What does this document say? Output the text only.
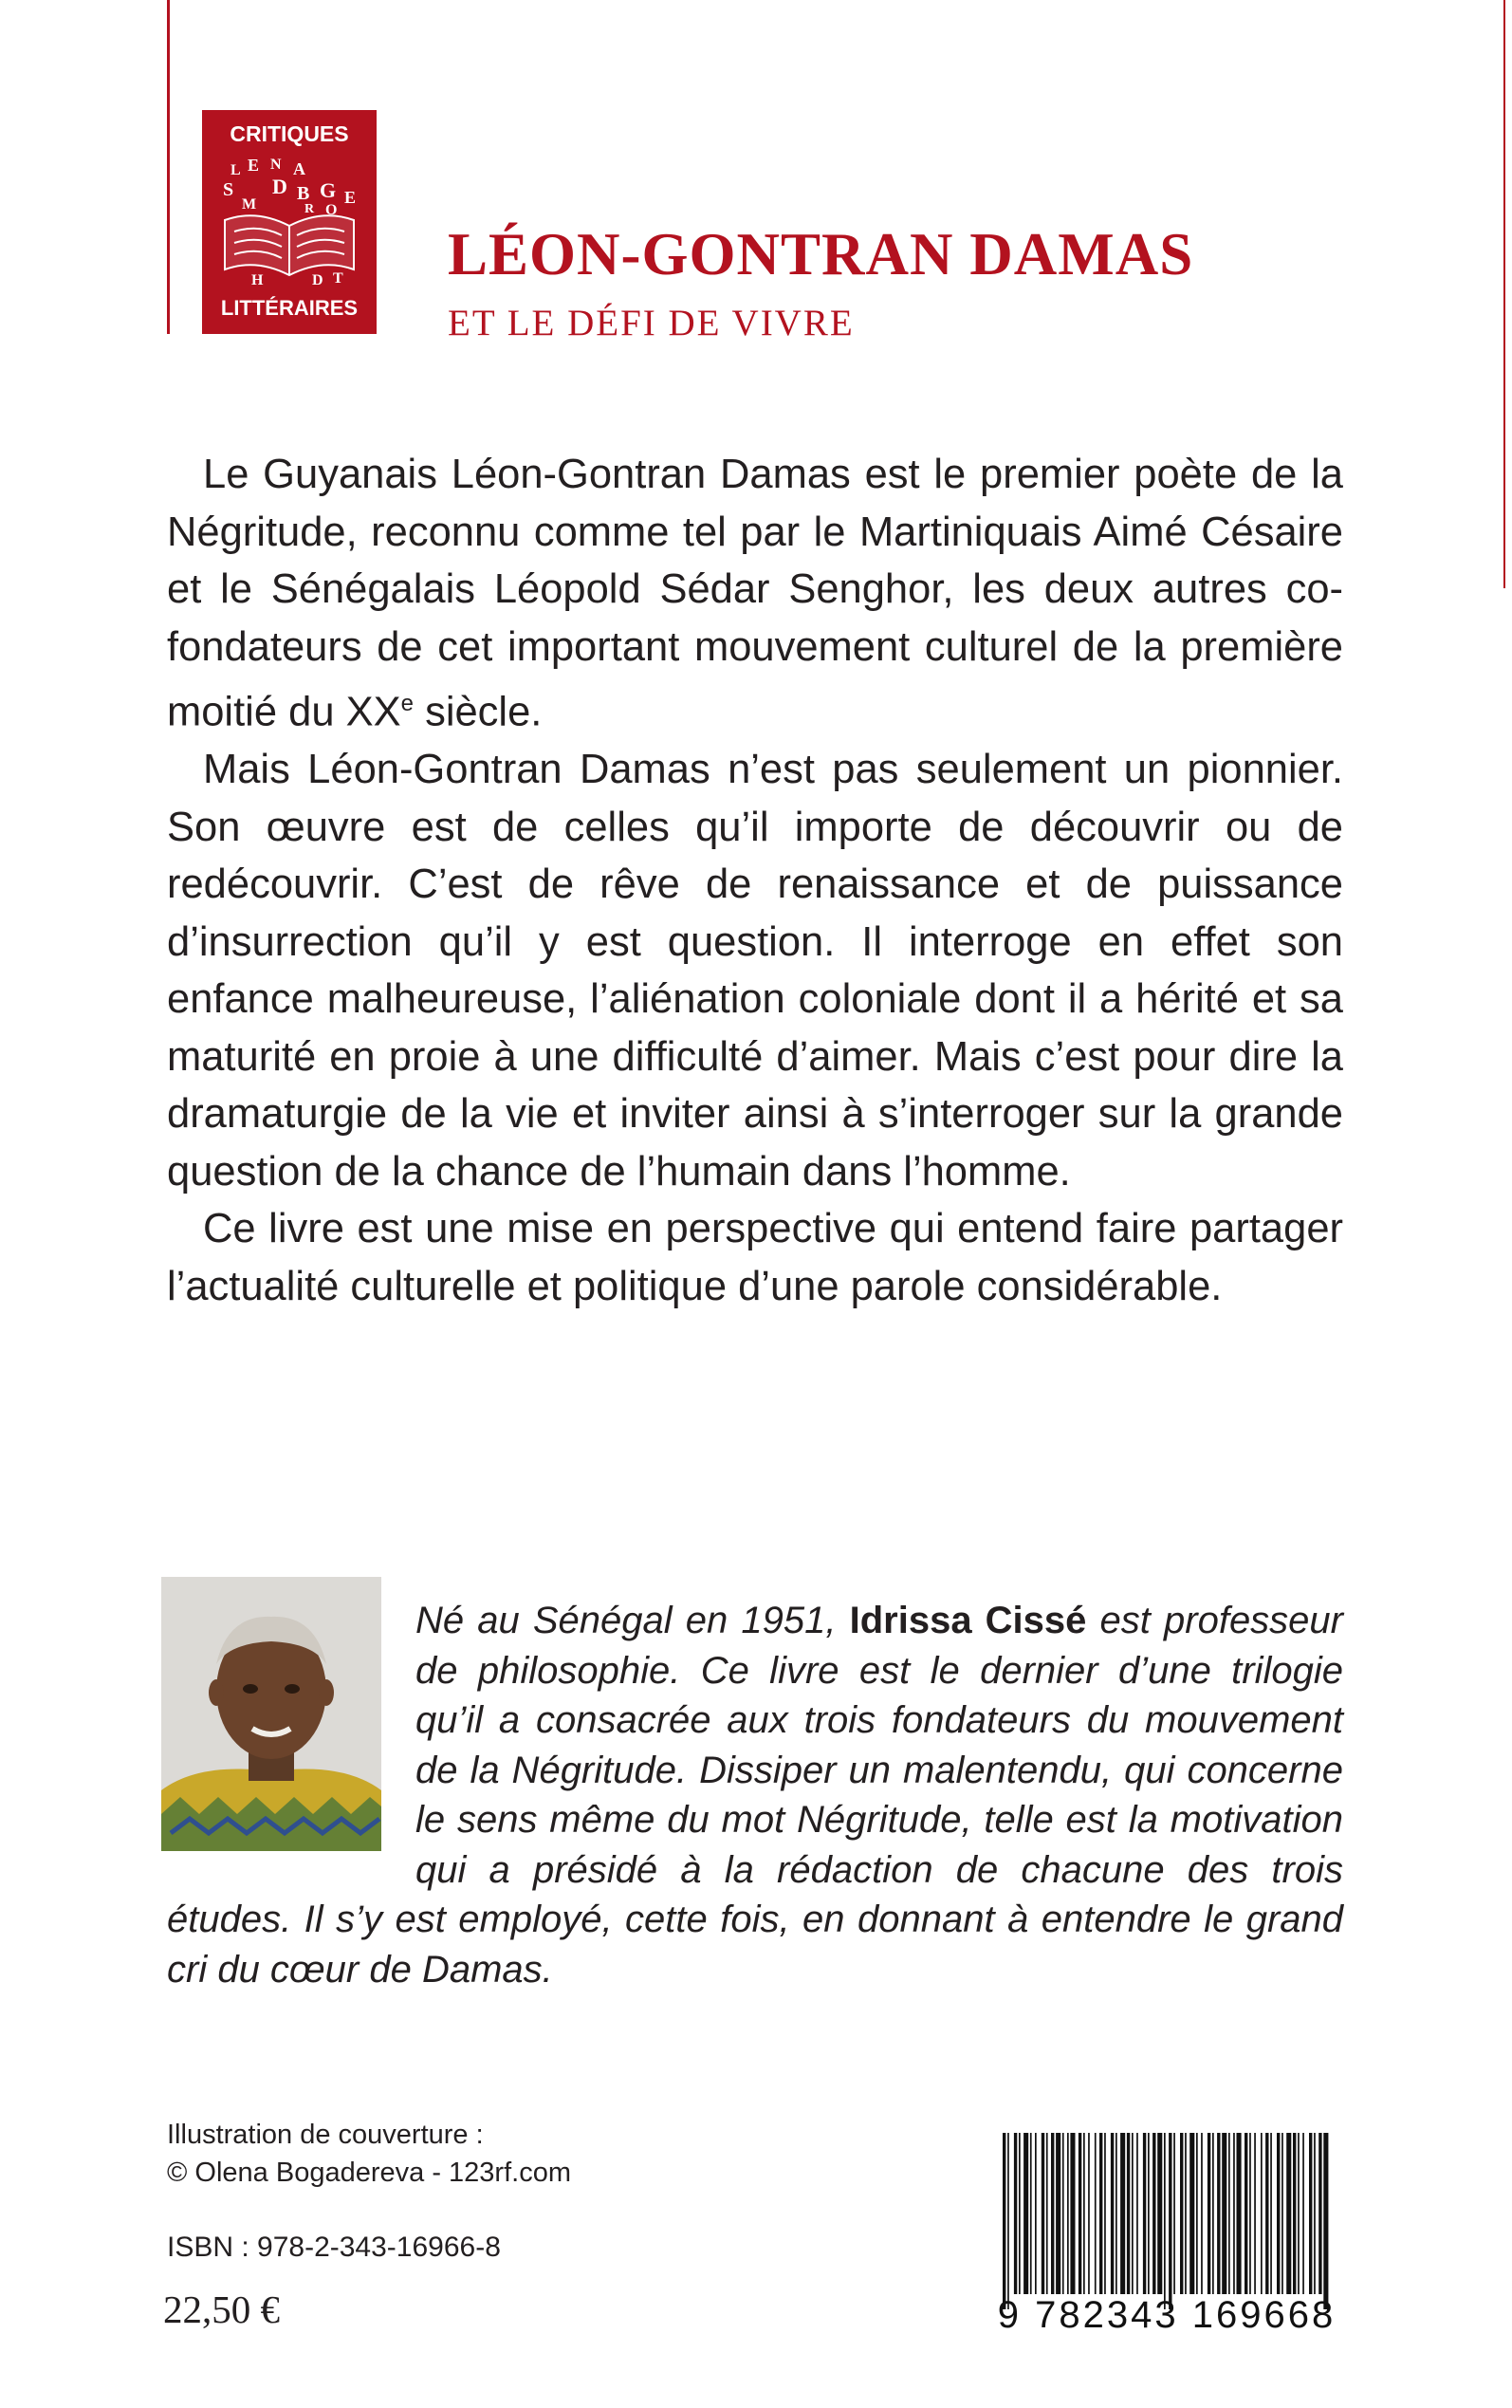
CRITIQUES
L E N A
S D B G E
M	R O
H	D T
LITTÉRAIRES
LÉON-GONTRAN DAMAS
ET LE DÉFI DE VIVRE

Le Guyanais Léon-Gontran Damas est le premier poète de la Négritude, reconnu comme tel par le Martiniquais Aimé Césaire et le Sénégalais Léopold Sédar Senghor, les deux autres co-fondateurs de cet important mouvement culturel de la première moitié du XXe siècle.

Mais Léon-Gontran Damas n’est pas seulement un pionnier. Son œuvre est de celles qu’il importe de découvrir ou de redécouvrir. C’est de rêve de renaissance et de puissance d’insurrection qu’il y est question. Il interroge en effet son enfance malheureuse, l’aliénation coloniale dont il a hérité et sa maturité en proie à une difficulté d’aimer. Mais c’est pour dire la dramaturgie de la vie et inviter ainsi à s’interroger sur la grande question de la chance de l’humain dans l’homme.

Ce livre est une mise en perspective qui entend faire partager l’actualité culturelle et politique d’une parole considérable.

Né au Sénégal en 1951, Idrissa Cissé est professeur de philosophie. Ce livre est le dernier d’une trilogie qu’il a consacrée aux trois fondateurs du mouvement de la Négritude. Dissiper un malentendu, qui concerne le sens même du mot Négritude, telle est la motivation qui a présidé à la rédaction de chacune des trois études. Il s’y est employé, cette fois, en donnant à entendre le grand cri du cœur de Damas.

Illustration de couverture :
© Olena Bogadereva - 123rf.com
ISBN : 978-2-343-16966-8
22,50 €	9 782343 169668
